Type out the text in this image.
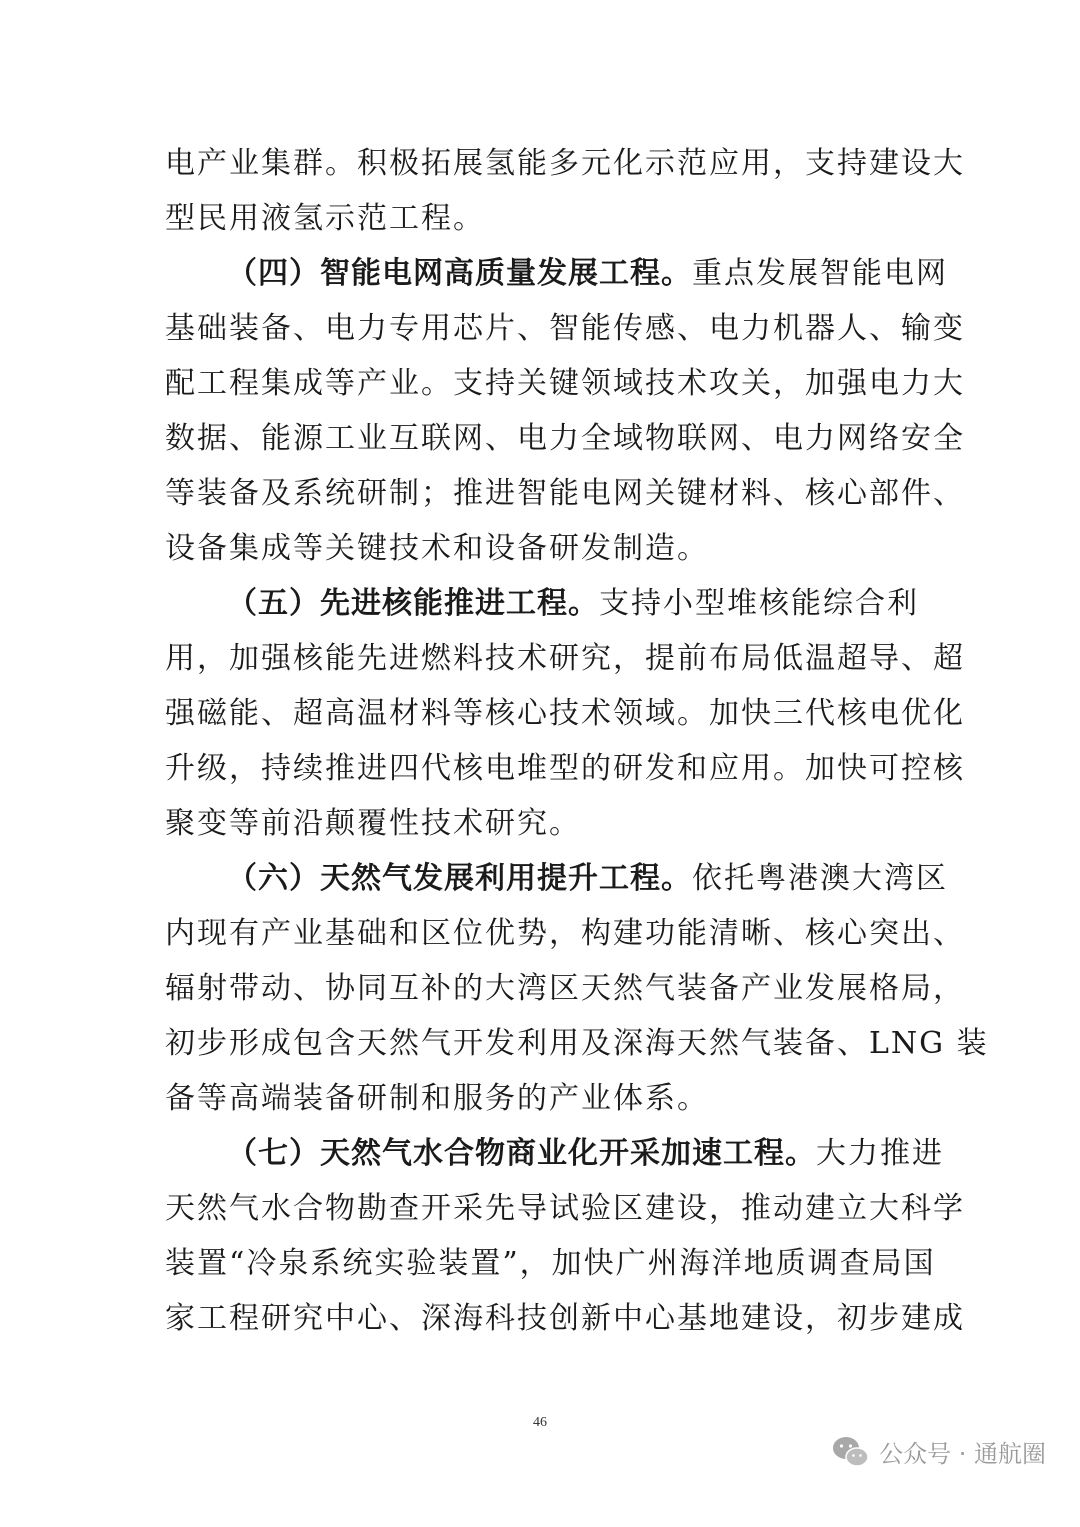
电产业集群。积极拓展氢能多元化示范应用，支持建设大
型民用液氢示范工程。
（四）智能电网高质量发展工程。重点发展智能电网
基础装备、电力专用芯片、智能传感、电力机器人、输变
配工程集成等产业。支持关键领域技术攻关，加强电力大
数据、能源工业互联网、电力全域物联网、电力网络安全
等装备及系统研制；推进智能电网关键材料、核心部件、
设备集成等关键技术和设备研发制造。
（五）先进核能推进工程。支持小型堆核能综合利
用，加强核能先进燃料技术研究，提前布局低温超导、超
强磁能、超高温材料等核心技术领域。加快三代核电优化
升级，持续推进四代核电堆型的研发和应用。加快可控核
聚变等前沿颠覆性技术研究。
（六）天然气发展利用提升工程。依托粤港澳大湾区
内现有产业基础和区位优势，构建功能清晰、核心突出、
辐射带动、协同互补的大湾区天然气装备产业发展格局，
初步形成包含天然气开发利用及深海天然气装备、LNG 装
备等高端装备研制和服务的产业体系。
（七）天然气水合物商业化开采加速工程。大力推进
天然气水合物勘查开采先导试验区建设，推动建立大科学
装置“冷泉系统实验装置”，加快广州海洋地质调查局国
家工程研究中心、深海科技创新中心基地建设，初步建成
46
公众号 · 通航圈
